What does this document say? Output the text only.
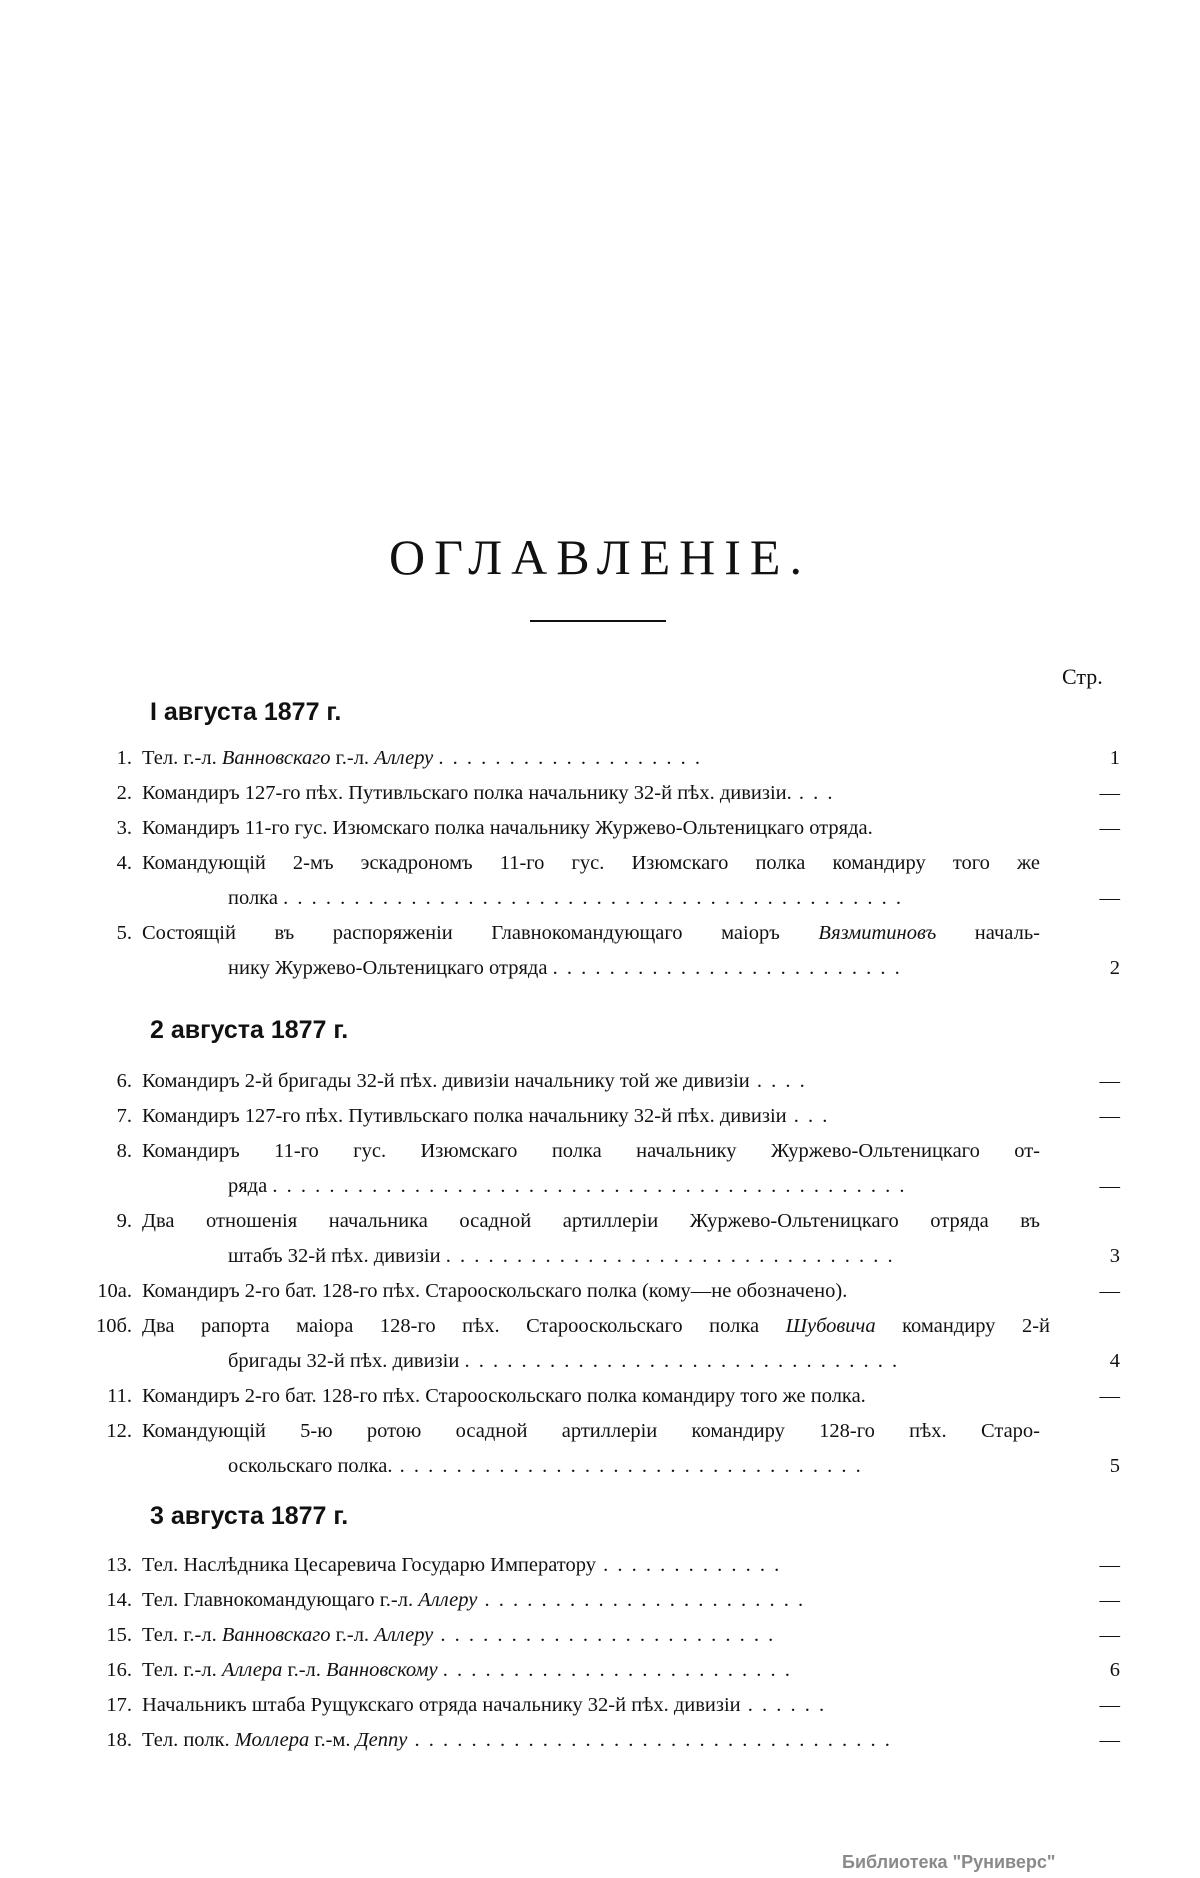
ОГЛАВЛЕНІЕ.
Стр.
I августа 1877 г.
1. Тел. г.-л. Ванновскаго г.-л. Аллеру . . . . . . . . . . . . . . . . . . .	1
2. Командиръ 127-го пѣх. Путивльскаго полка начальнику 32-й пѣх. дивизіи. . . .	—
3. Командиръ 11-го гус. Изюмскаго полка начальнику Журжево-Ольтеницкаго отряда.	—
4. Командующій 2-мъ эскадрономъ 11-го гус. Изюмскаго полка командиру того же
полка . . . . . . . . . . . . . . . . . . . . . . . . . . . . . . . . . . . . . . . . . . . .	—
5. Состоящій въ распоряженіи Главнокомандующаго маіоръ Вязмитиновъ началь-
нику Журжево-Ольтеницкаго отряда . . . . . . . . . . . . . . . . . . . . . . . . .	2
2 августа 1877 г.
6. Командиръ 2-й бригады 32-й пѣх. дивизіи начальнику той же дивизіи . . . .	—
7. Командиръ 127-го пѣх. Путивльскаго полка начальнику 32-й пѣх. дивизіи . . .	—
8. Командиръ 11-го гус. Изюмскаго полка начальнику Журжево-Ольтеницкаго от-
ряда . . . . . . . . . . . . . . . . . . . . . . . . . . . . . . . . . . . . . . . . . . . . .	—
9. Два отношенія начальника осадной артиллеріи Журжево-Ольтеницкаго отряда въ
штабъ 32-й пѣх. дивизіи . . . . . . . . . . . . . . . . . . . . . . . . . . . . . . . .	3
10а. Командиръ 2-го бат. 128-го пѣх. Старооскольскаго полка (кому—не обозначено).	—
10б. Два рапорта маіора 128-го пѣх. Старооскольскаго полка Шубовича командиру 2-й
бригады 32-й пѣх. дивизіи . . . . . . . . . . . . . . . . . . . . . . . . . . . . . . .	4
11. Командиръ 2-го бат. 128-го пѣх. Старооскольскаго полка командиру того же полка.	—
12. Командующій 5-ю ротою осадной артиллеріи командиру 128-го пѣх. Старо-
оскольскаго полка. . . . . . . . . . . . . . . . . . . . . . . . . . . . . . . . . .	5
3 августа 1877 г.
13. Тел. Наслѣдника Цесаревича Государю Императору . . . . . . . . . . . . .	—
14. Тел. Главнокомандующаго г.-л. Аллеру . . . . . . . . . . . . . . . . . . . . . . .	—
15. Тел. г.-л. Ванновскаго г.-л. Аллеру . . . . . . . . . . . . . . . . . . . . . . . .	—
16. Тел. г.-л. Аллера г.-л. Ванновскому . . . . . . . . . . . . . . . . . . . . . . . . .	6
17. Начальникъ штаба Рущукскаго отряда начальнику 32-й пѣх. дивизіи . . . . . .	—
18. Тел. полк. Моллера г.-м. Деппу . . . . . . . . . . . . . . . . . . . . . . . . . . . . . . . . . .	—
Библиотека "Руниверс"
